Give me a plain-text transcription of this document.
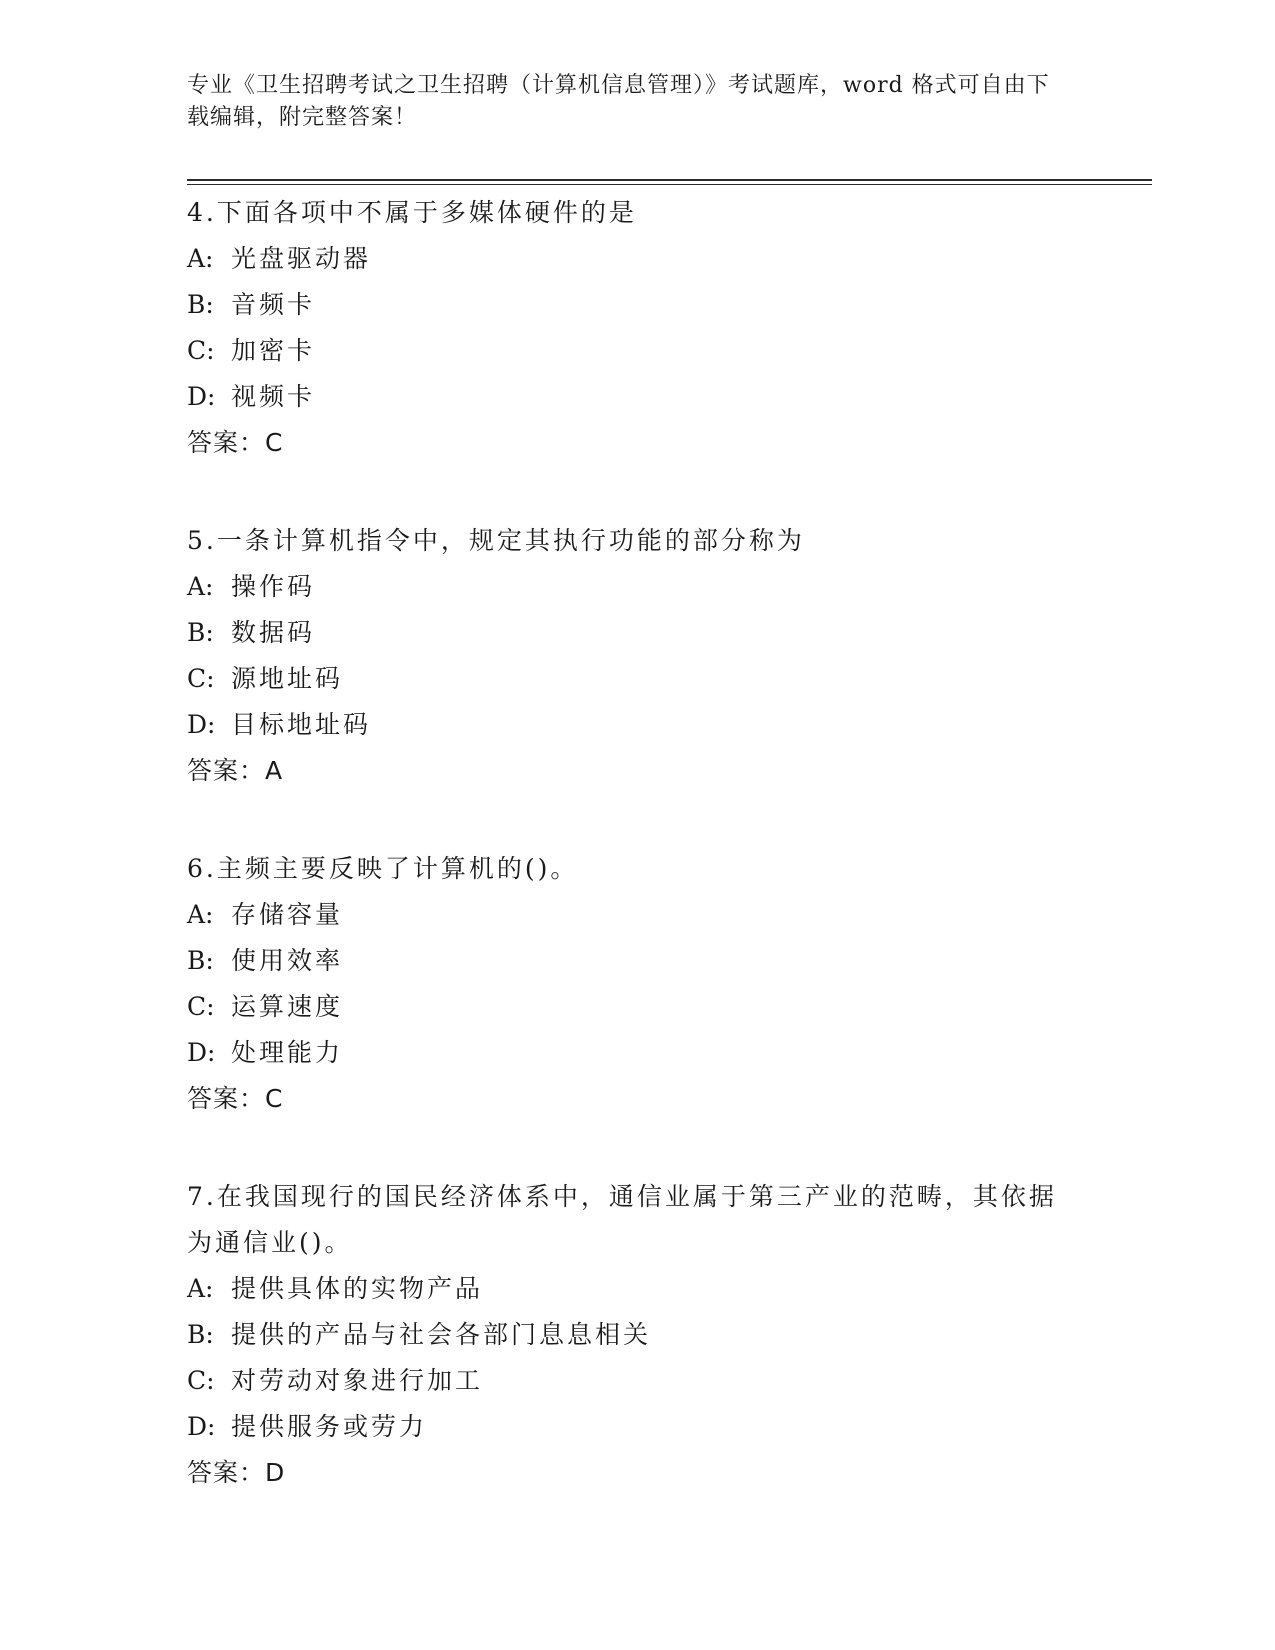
专业《卫生招聘考试之卫生招聘（计算机信息管理）》考试题库，word 格式可自由下载编辑，附完整答案！
4.下面各项中不属于多媒体硬件的是
A: 光盘驱动器
B: 音频卡
C: 加密卡
D: 视频卡
答案：C
5.一条计算机指令中，规定其执行功能的部分称为
A: 操作码
B: 数据码
C: 源地址码
D: 目标地址码
答案：A
6.主频主要反映了计算机的()。
A: 存储容量
B: 使用效率
C: 运算速度
D: 处理能力
答案：C
7.在我国现行的国民经济体系中，通信业属于第三产业的范畴，其依据为通信业()。
A: 提供具体的实物产品
B: 提供的产品与社会各部门息息相关
C: 对劳动对象进行加工
D: 提供服务或劳力
答案：D
